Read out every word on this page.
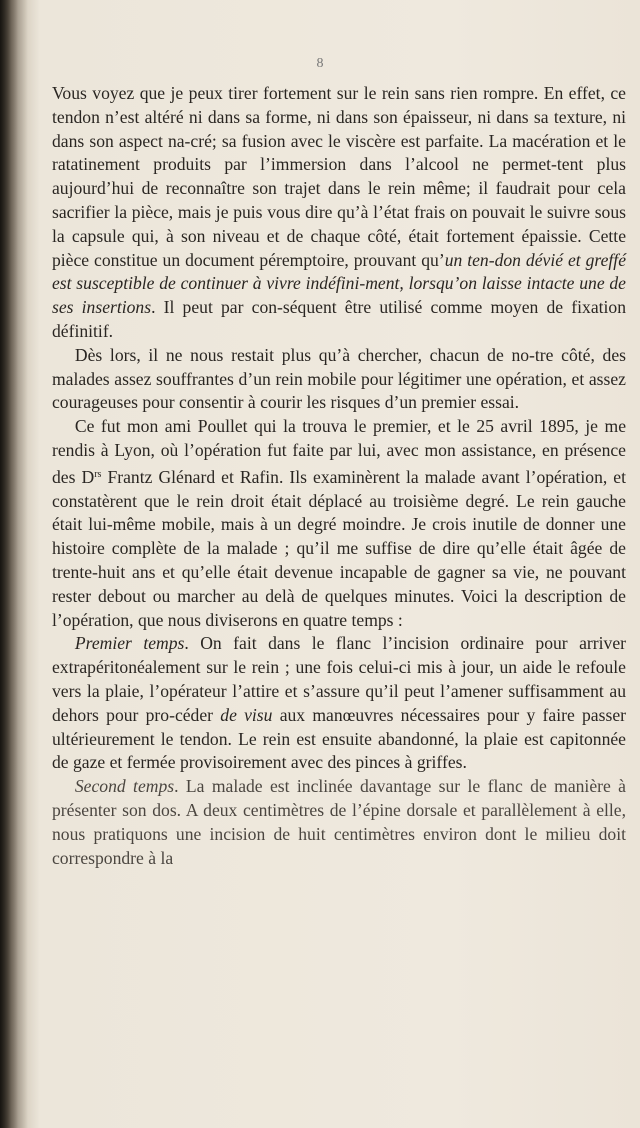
8

Vous voyez que je peux tirer fortement sur le rein sans rien rompre. En effet, ce tendon n’est altéré ni dans sa forme, ni dans son épaisseur, ni dans sa texture, ni dans son aspect na-cré; sa fusion avec le viscère est parfaite. La macération et le ratatinement produits par l’immersion dans l’alcool ne permet-tent plus aujourd’hui de reconnaître son trajet dans le rein même; il faudrait pour cela sacrifier la pièce, mais je puis vous dire qu’à l’état frais on pouvait le suivre sous la capsule qui, à son niveau et de chaque côté, était fortement épaissie. Cette pièce constitue un document péremptoire, prouvant qu’un ten-don dévié et greffé est susceptible de continuer à vivre indéfini-ment, lorsqu’on laisse intacte une de ses insertions. Il peut par con-séquent être utilisé comme moyen de fixation définitif.

Dès lors, il ne nous restait plus qu’à chercher, chacun de no-tre côté, des malades assez souffrantes d’un rein mobile pour légitimer une opération, et assez courageuses pour consentir à courir les risques d’un premier essai.

Ce fut mon ami Poullet qui la trouva le premier, et le 25 avril 1895, je me rendis à Lyon, où l’opération fut faite par lui, avec mon assistance, en présence des $D^{rs}$ Frantz Glénard et Rafin. Ils examinèrent la malade avant l’opération, et constatèrent que le rein droit était déplacé au troisième degré. Le rein gauche était lui-même mobile, mais à un degré moindre. Je crois inutile de donner une histoire complète de la malade ; qu’il me suffise de dire qu’elle était âgée de trente-huit ans et qu’elle était devenue incapable de gagner sa vie, ne pouvant rester debout ou marcher au delà de quelques minutes. Voici la description de l’opération, que nous diviserons en quatre temps :

Premier temps. On fait dans le flanc l’incision ordinaire pour arriver extrapéritonéalement sur le rein ; une fois celui-ci mis à jour, un aide le refoule vers la plaie, l’opérateur l’attire et s’assure qu’il peut l’amener suffisamment au dehors pour pro-céder de visu aux manœuvres nécessaires pour y faire passer ultérieurement le tendon. Le rein est ensuite abandonné, la plaie est capitonnée de gaze et fermée provisoirement avec des pinces à griffes.

Second temps. La malade est inclinée davantage sur le flanc de manière à présenter son dos. A deux centimètres de l’épine dorsale et parallèlement à elle, nous pratiquons une incision de huit centimètres environ dont le milieu doit correspondre à la
